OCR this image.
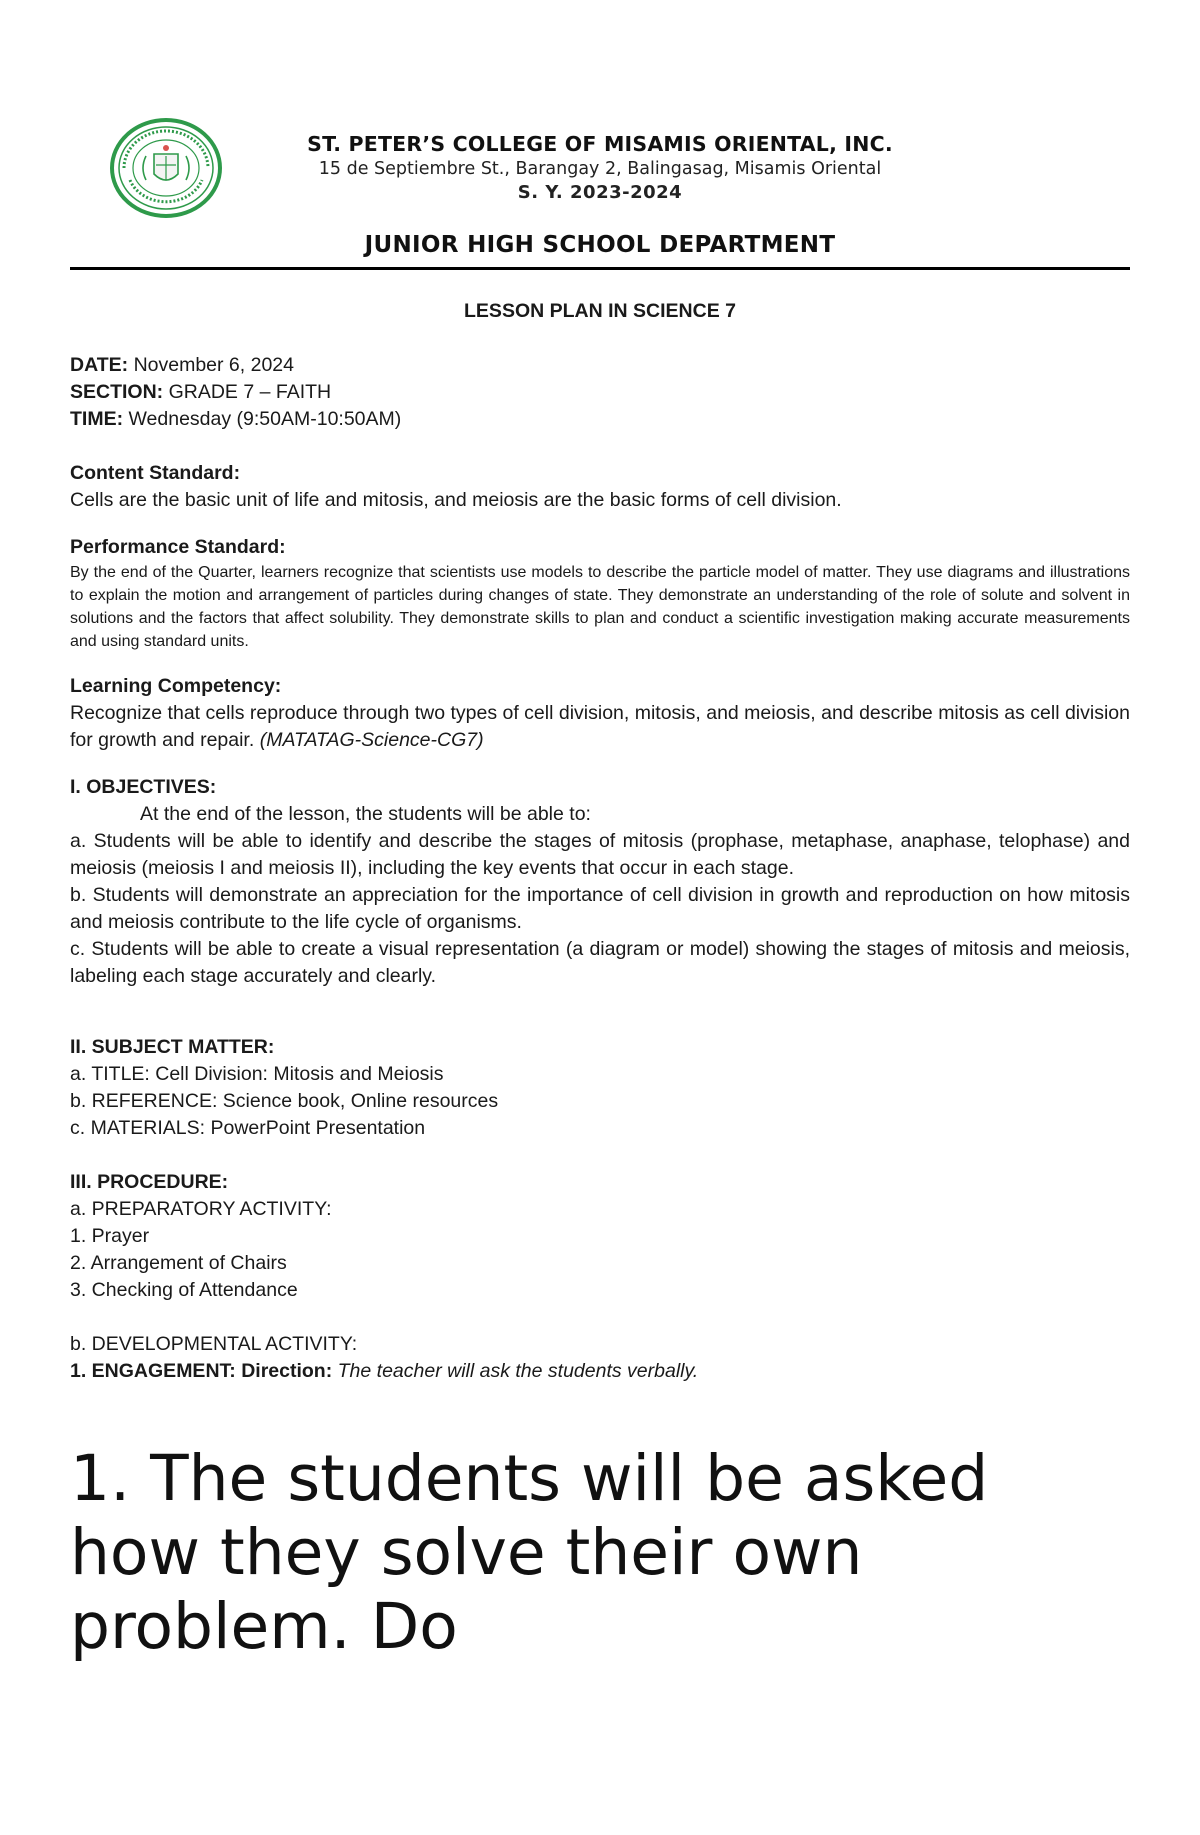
ST. PETER’S COLLEGE OF MISAMIS ORIENTAL, INC.
15 de Septiembre St., Barangay 2, Balingasag, Misamis Oriental
S. Y. 2023-2024
JUNIOR HIGH SCHOOL DEPARTMENT
LESSON PLAN IN SCIENCE 7

DATE: November 6, 2024

SECTION: GRADE 7 – FAITH

TIME: Wednesday (9:50AM-10:50AM)

Content Standard:

Cells are the basic unit of life and mitosis, and meiosis are the basic forms of cell division.

Performance Standard:

By the end of the Quarter, learners recognize that scientists use models to describe the particle model of matter. They use diagrams and illustrations to explain the motion and arrangement of particles during changes of state. They demonstrate an understanding of the role of solute and solvent in solutions and the factors that affect solubility. They demonstrate skills to plan and conduct a scientific investigation making accurate measurements and using standard units.

Learning Competency:

Recognize that cells reproduce through two types of cell division, mitosis, and meiosis, and describe mitosis as cell division for growth and repair. (MATATAG-Science-CG7)

I. OBJECTIVES:

At the end of the lesson, the students will be able to:

a. Students will be able to identify and describe the stages of mitosis (prophase, metaphase, anaphase, telophase) and meiosis (meiosis I and meiosis II), including the key events that occur in each stage.

b. Students will demonstrate an appreciation for the importance of cell division in growth and reproduction on how mitosis and meiosis contribute to the life cycle of organisms.

c. Students will be able to create a visual representation (a diagram or model) showing the stages of mitosis and meiosis, labeling each stage accurately and clearly.

II. SUBJECT MATTER:

a. TITLE: Cell Division: Mitosis and Meiosis

b. REFERENCE: Science book, Online resources

c. MATERIALS: PowerPoint Presentation

III. PROCEDURE:

a. PREPARATORY ACTIVITY:

1. Prayer

2. Arrangement of Chairs

3. Checking of Attendance

b. DEVELOPMENTAL ACTIVITY:

1. ENGAGEMENT: Direction: The teacher will ask the students verbally.

1. The students will be asked how they solve their own problem. Do
